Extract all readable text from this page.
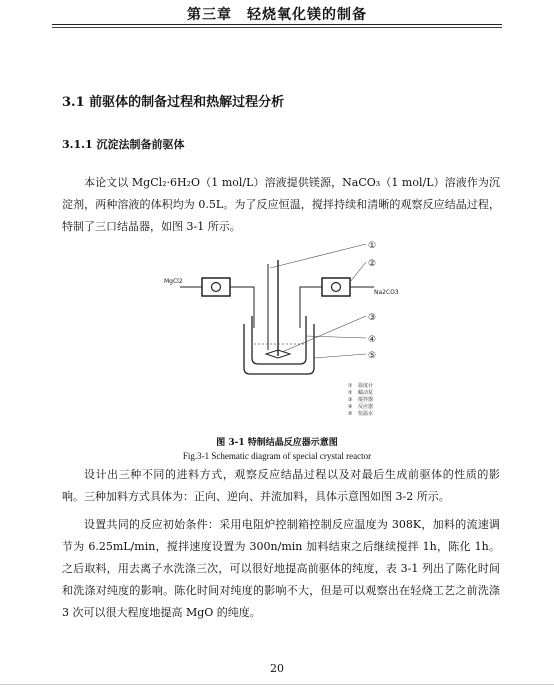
第三章　轻烧氧化镁的制备
3.1 前驱体的制备过程和热解过程分析
3.1.1 沉淀法制备前驱体

本论文以 MgCl₂·6H₂O（1 mol/L）溶液提供镁源，NaCO₃（1 mol/L）溶液作为沉淀剂，两种溶液的体积均为 0.5L。为了反应恒温，搅拌持续和清晰的观察反应结晶过程，特制了三口结晶器，如图 3-1 所示。

MgCl2
Na2CO3
①
②
③
④
⑤
① 温度计
② 蠕动泵
③ 搅拌器
④ 反应器
⑤ 恒温水
图 3-1 特制结晶反应器示意图
Fig.3-1 Schematic diagram of special crystal reactor

设计出三种不同的进料方式，观察反应结晶过程以及对最后生成前驱体的性质的影响。三种加料方式具体为：正向、逆向、并流加料，具体示意图如图 3-2 所示。

设置共同的反应初始条件：采用电阻炉控制箱控制反应温度为 308K，加料的流速调节为 6.25mL/min，搅拌速度设置为 300n/min 加料结束之后继续搅拌 1h，陈化 1h。之后取料，用去离子水洗涤三次，可以很好地提高前驱体的纯度，表 3-1 列出了陈化时间和洗涤对纯度的影响。陈化时间对纯度的影响不大，但是可以观察出在轻烧工艺之前洗涤 3 次可以很大程度地提高 MgO 的纯度。

20
